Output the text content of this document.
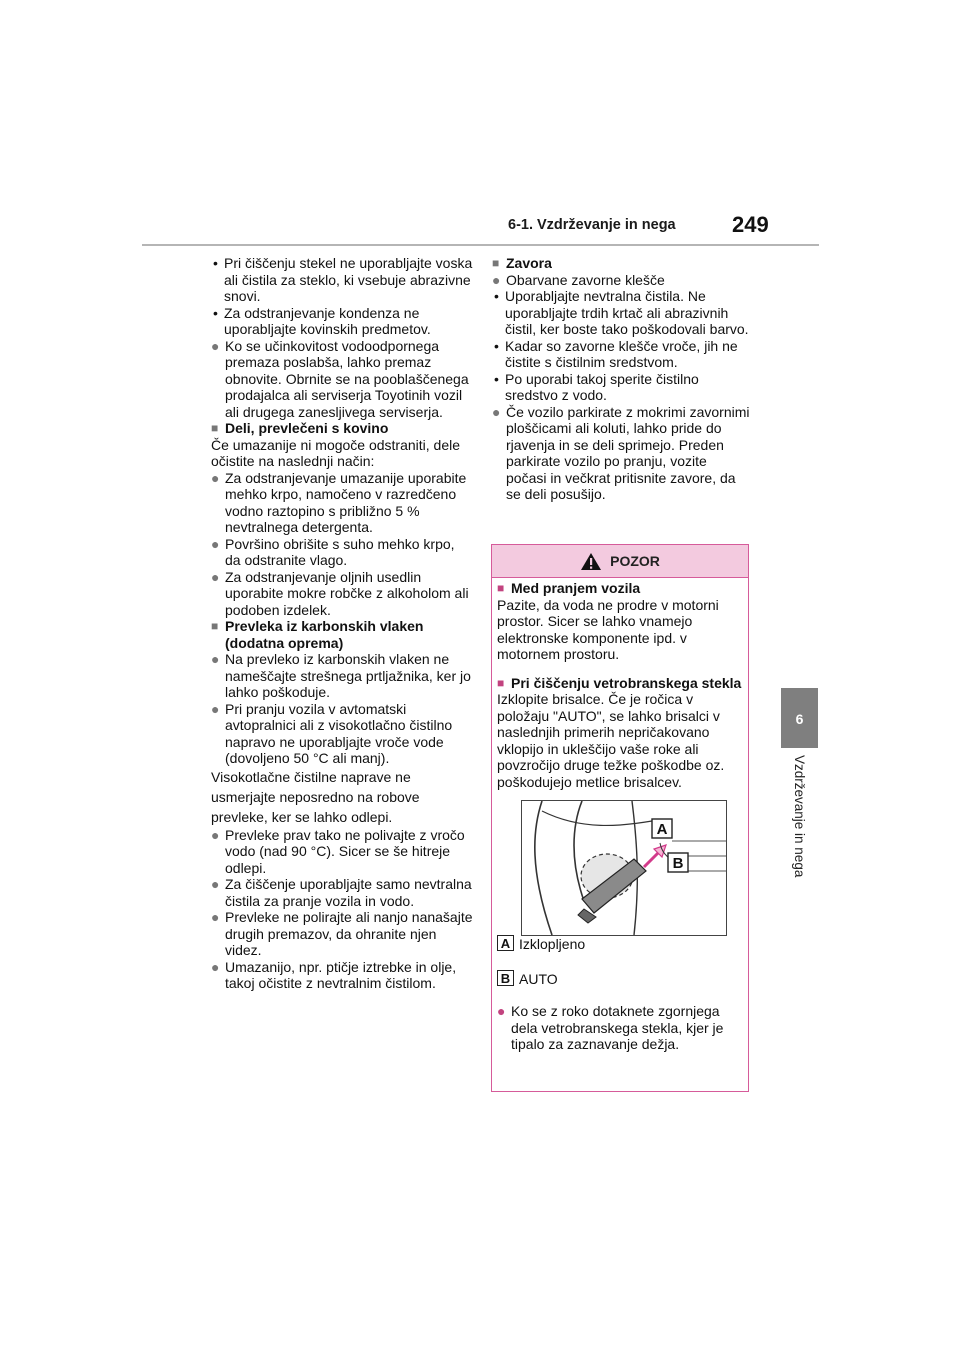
6-1. Vzdrževanje in nega	249
6
Vzdrževanje in nega

• Pri čiščenju stekel ne uporabljajte voska ali čistila za steklo, ki vsebuje abrazivne snovi.

• Za odstranjevanje kondenza ne uporabljajte kovinskih predmetov.

● Ko se učinkovitost vodoodpornega premaza poslabša, lahko premaz obnovite. Obrnite se na pooblaščenega prodajalca ali serviserja Toyotinih vozil ali drugega zanesljivega serviserja.

■ Deli, prevlečeni s kovino

Če umazanije ni mogoče odstraniti, dele očistite na naslednji način:

● Za odstranjevanje umazanije uporabite mehko krpo, namočeno v razredčeno vodno raztopino s približno 5 % nevtralnega detergenta.

● Površino obrišite s suho mehko krpo, da odstranite vlago.

● Za odstranjevanje oljnih usedlin uporabite mokre robčke z alkoholom ali podoben izdelek.

■ Prevleka iz karbonskih vlaken (dodatna oprema)

● Na prevleko iz karbonskih vlaken ne nameščajte strešnega prtljažnika, ker jo lahko poškoduje.

● Pri pranju vozila v avtomatski avtopralnici ali z visokotlačno čistilno napravo ne uporabljajte vroče vode (dovoljeno 50 °C ali manj).

Visokotlačne čistilne naprave ne usmerjajte neposredno na robove prevleke, ker se lahko odlepi.

● Prevleke prav tako ne polivajte z vročo vodo (nad 90 °C). Sicer se še hitreje odlepi.

● Za čiščenje uporabljajte samo nevtralna čistila za pranje vozila in vodo.

● Prevleke ne polirajte ali nanjo nanašajte drugih premazov, da ohranite njen videz.

● Umazanijo, npr. ptičje iztrebke in olje, takoj očistite z nevtralnim čistilom.

■ Zavora

● Obarvane zavorne klešče

• Uporabljajte nevtralna čistila. Ne uporabljajte trdih krtač ali abrazivnih čistil, ker boste tako poškodovali barvo.

• Kadar so zavorne klešče vroče, jih ne čistite s čistilnim sredstvom.

• Po uporabi takoj sperite čistilno sredstvo z vodo.

● Če vozilo parkirate z mokrimi zavornimi ploščicami ali koluti, lahko pride do rjavenja in se deli sprimejo. Preden parkirate vozilo po pranju, vozite počasi in večkrat pritisnite zavore, da se deli posušijo.

POZOR

■ Med pranjem vozila

Pazite, da voda ne prodre v motorni prostor. Sicer se lahko vnamejo elektronske komponente ipd. v motornem prostoru.

■ Pri čiščenju vetrobranskega stekla

Izklopite brisalce. Če je ročica v položaju "AUTO", se lahko brisalci v naslednjih primerih nepričakovano vklopijo in ukleščijo vaše roke ali povzročijo druge težke poškodbe oz. poškodujejo metlice brisalcev.

A
B

A Izklopljeno

B AUTO

● Ko se z roko dotaknete zgornjega dela vetrobranskega stekla, kjer je tipalo za zaznavanje dežja.
